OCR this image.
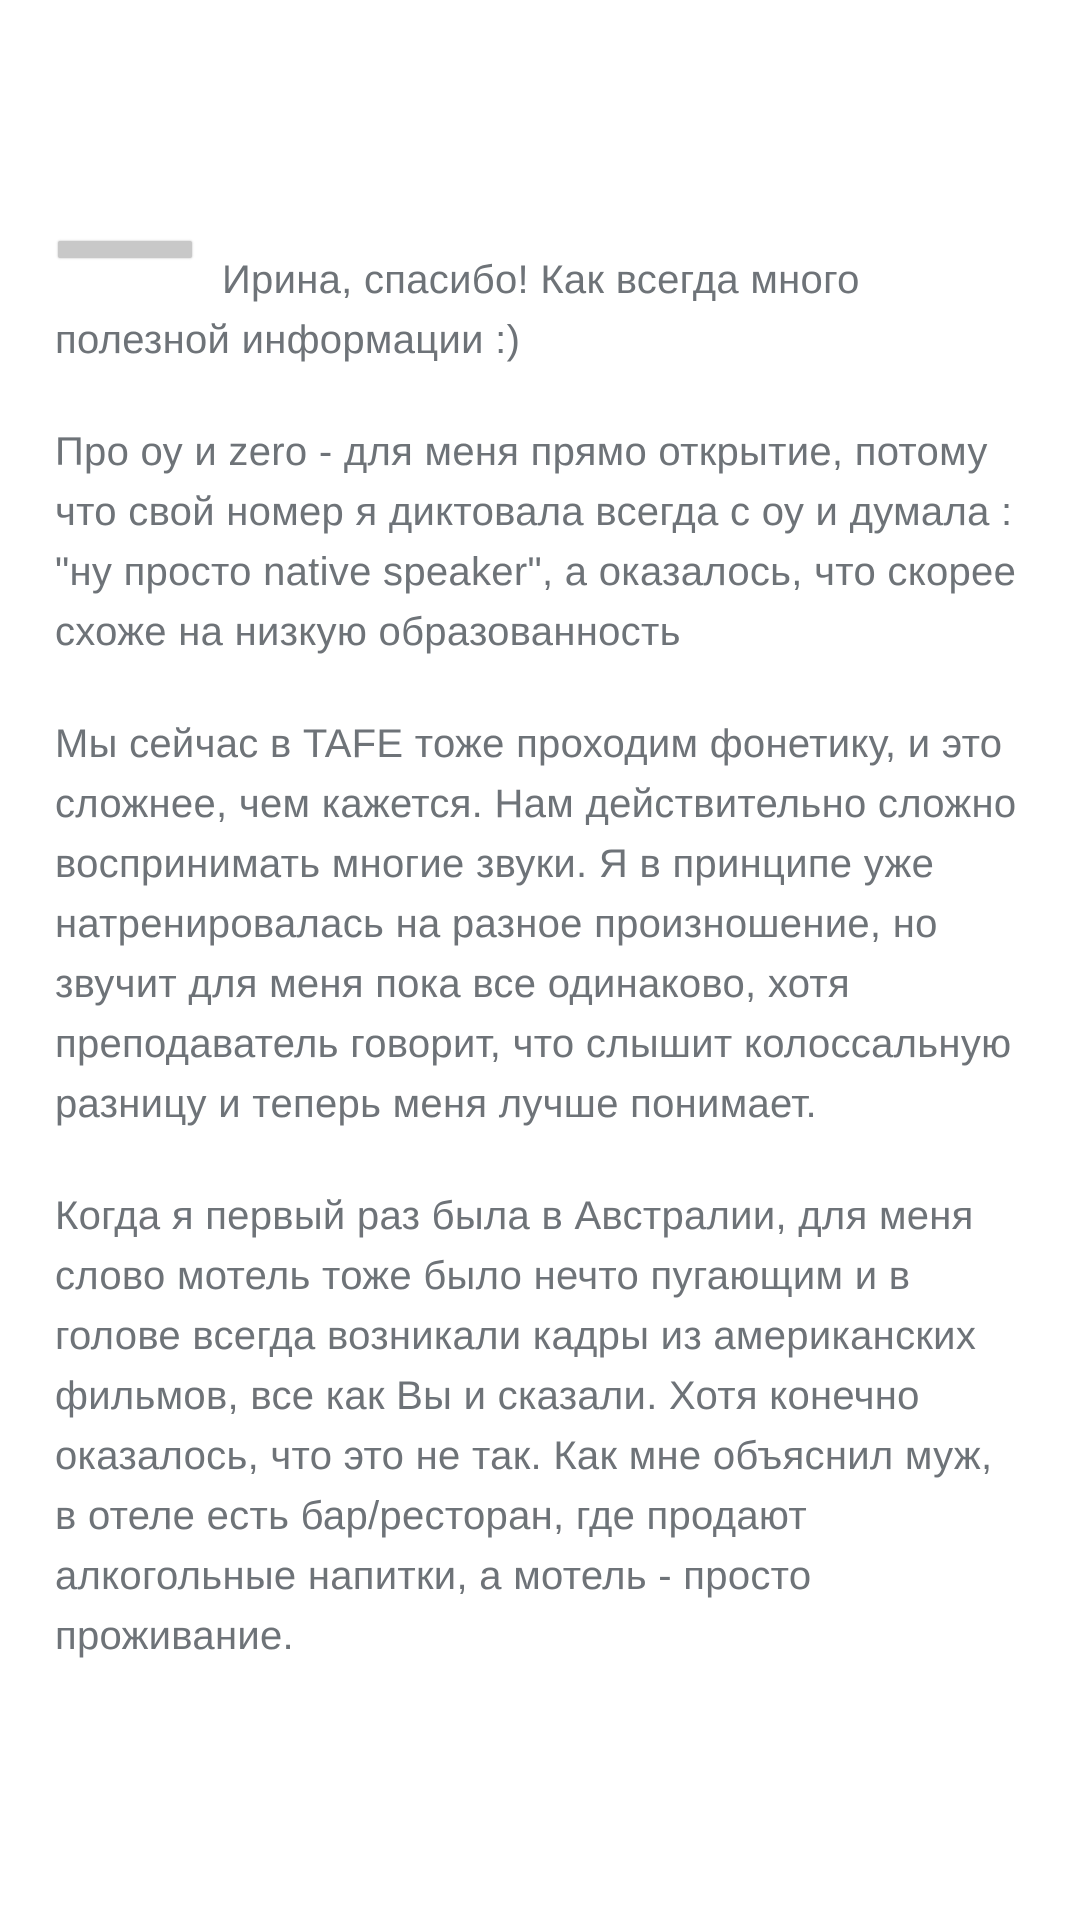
Ирина, спасибо! Как всегда много
полезной информации :)
Про оу и zero - для меня прямо открытие, потому
что свой номер я диктовала всегда с оу и думала :
"ну просто native speaker", а оказалось, что скорее
схоже на низкую образованность
Мы сейчас в TAFE тоже проходим фонетику, и это
сложнее, чем кажется. Нам действительно сложно
воспринимать многие звуки. Я в принципе уже
натренировалась на разное произношение, но
звучит для меня пока все одинаково, хотя
преподаватель говорит, что слышит колоссальную
разницу и теперь меня лучше понимает.
Когда я первый раз была в Австралии, для меня
слово мотель тоже было нечто пугающим и в
голове всегда возникали кадры из американских
фильмов, все как Вы и сказали. Хотя конечно
оказалось, что это не так. Как мне объяснил муж,
в отеле есть бар/ресторан, где продают
алкогольные напитки, а мотель - просто
проживание.
